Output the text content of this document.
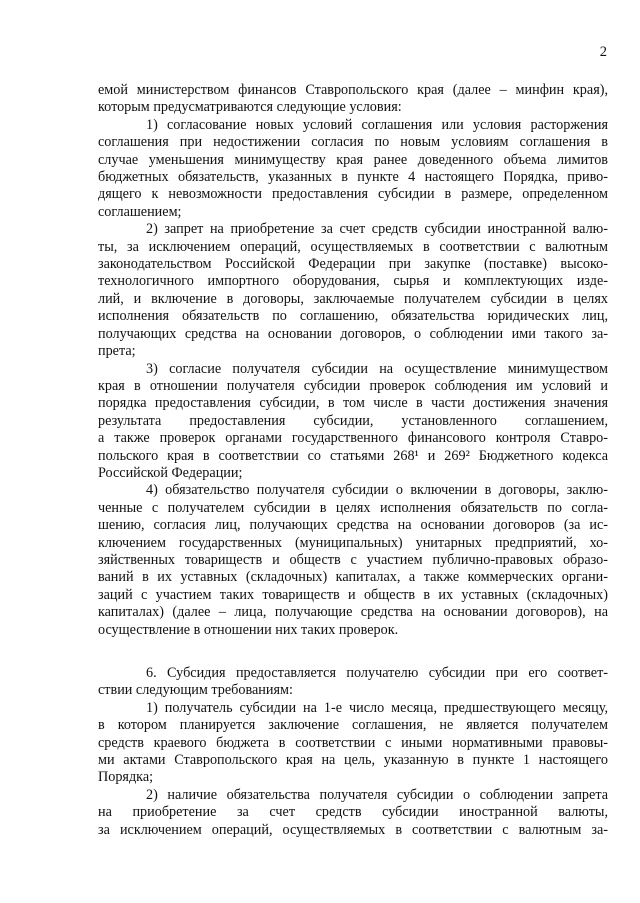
2

емой министерством финансов Ставропольского края (далее – минфин края),
которым предусматриваются следующие условия:

1) согласование новых условий соглашения или условия расторжения
соглашения при недостижении согласия по новым условиям соглашения в
случае уменьшения минимуществу края ранее доведенного объема лимитов
бюджетных обязательств, указанных в пункте 4 настоящего Порядка, приво-
дящего к невозможности предоставления субсидии в размере, определенном
соглашением;

2) запрет на приобретение за счет средств субсидии иностранной валю-
ты, за исключением операций, осуществляемых в соответствии с валютным
законодательством Российской Федерации при закупке (поставке) высоко-
технологичного импортного оборудования, сырья и комплектующих изде-
лий, и включение в договоры, заключаемые получателем субсидии в целях
исполнения обязательств по соглашению, обязательства юридических лиц,
получающих средства на основании договоров, о соблюдении ими такого за-
прета;

3) согласие получателя субсидии на осуществление минимуществом
края в отношении получателя субсидии проверок соблюдения им условий и
порядка предоставления субсидии, в том числе в части достижения значения
результата предоставления субсидии, установленного соглашением,
а также проверок органами государственного финансового контроля Ставро-
польского края в соответствии со статьями 268¹ и 269² Бюджетного кодекса
Российской Федерации;

4) обязательство получателя субсидии о включении в договоры, заклю-
ченные с получателем субсидии в целях исполнения обязательств по согла-
шению, согласия лиц, получающих средства на основании договоров (за ис-
ключением государственных (муниципальных) унитарных предприятий, хо-
зяйственных товариществ и обществ с участием публично-правовых образо-
ваний в их уставных (складочных) капиталах, а также коммерческих органи-
заций с участием таких товариществ и обществ в их уставных (складочных)
капиталах) (далее – лица, получающие средства на основании договоров), на
осуществление в отношении них таких проверок.

6. Субсидия предоставляется получателю субсидии при его соответ-
ствии следующим требованиям:

1) получатель субсидии на 1-е число месяца, предшествующего месяцу,
в котором планируется заключение соглашения, не является получателем
средств краевого бюджета в соответствии с иными нормативными правовы-
ми актами Ставропольского края на цель, указанную в пункте 1 настоящего
Порядка;

2) наличие обязательства получателя субсидии о соблюдении запрета
на приобретение за счет средств субсидии иностранной валюты,
за исключением операций, осуществляемых в соответствии с валютным за-
